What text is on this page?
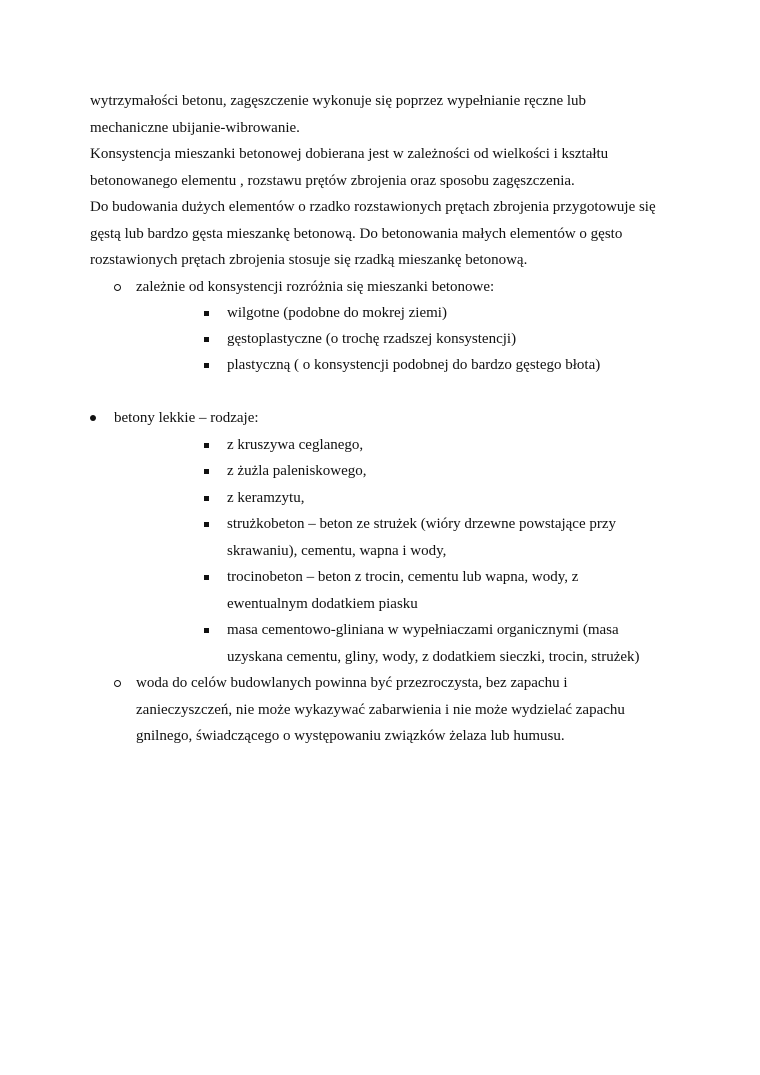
wytrzymałości betonu, zagęszczenie wykonuje się poprzez wypełnianie ręczne lub
mechaniczne ubijanie-wibrowanie.

Konsystencja mieszanki betonowej dobierana jest w zależności od wielkości i kształtu
betonowanego elementu , rozstawu prętów zbrojenia oraz sposobu zagęszczenia.

Do budowania dużych elementów o rzadko rozstawionych prętach zbrojenia przygotowuje się
gęstą lub bardzo gęsta mieszankę betonową. Do betonowania małych elementów o gęsto
rozstawionych prętach zbrojenia stosuje się rzadką mieszankę betonową.

zależnie od konsystencji rozróżnia się mieszanki betonowe:
wilgotne (podobne do mokrej ziemi)
gęstoplastyczne (o trochę rzadszej konsystencji)
plastyczną ( o konsystencji podobnej do bardzo gęstego błota)
betony lekkie – rodzaje:
z kruszywa ceglanego,
z żużla paleniskowego,
z keramzytu,
strużkobeton – beton ze strużek (wióry drzewne powstające przy
skrawaniu), cementu, wapna i wody,
trocinobeton – beton z trocin, cementu lub wapna, wody, z
ewentualnym dodatkiem piasku
masa cementowo-gliniana w wypełniaczami organicznymi (masa
uzyskana cementu, gliny, wody, z dodatkiem sieczki, trocin, strużek)
woda do celów budowlanych powinna być przezroczysta, bez zapachu i
zanieczyszczeń, nie może wykazywać zabarwienia i nie może wydzielać zapachu
gnilnego, świadczącego o występowaniu związków żelaza lub humusu.
